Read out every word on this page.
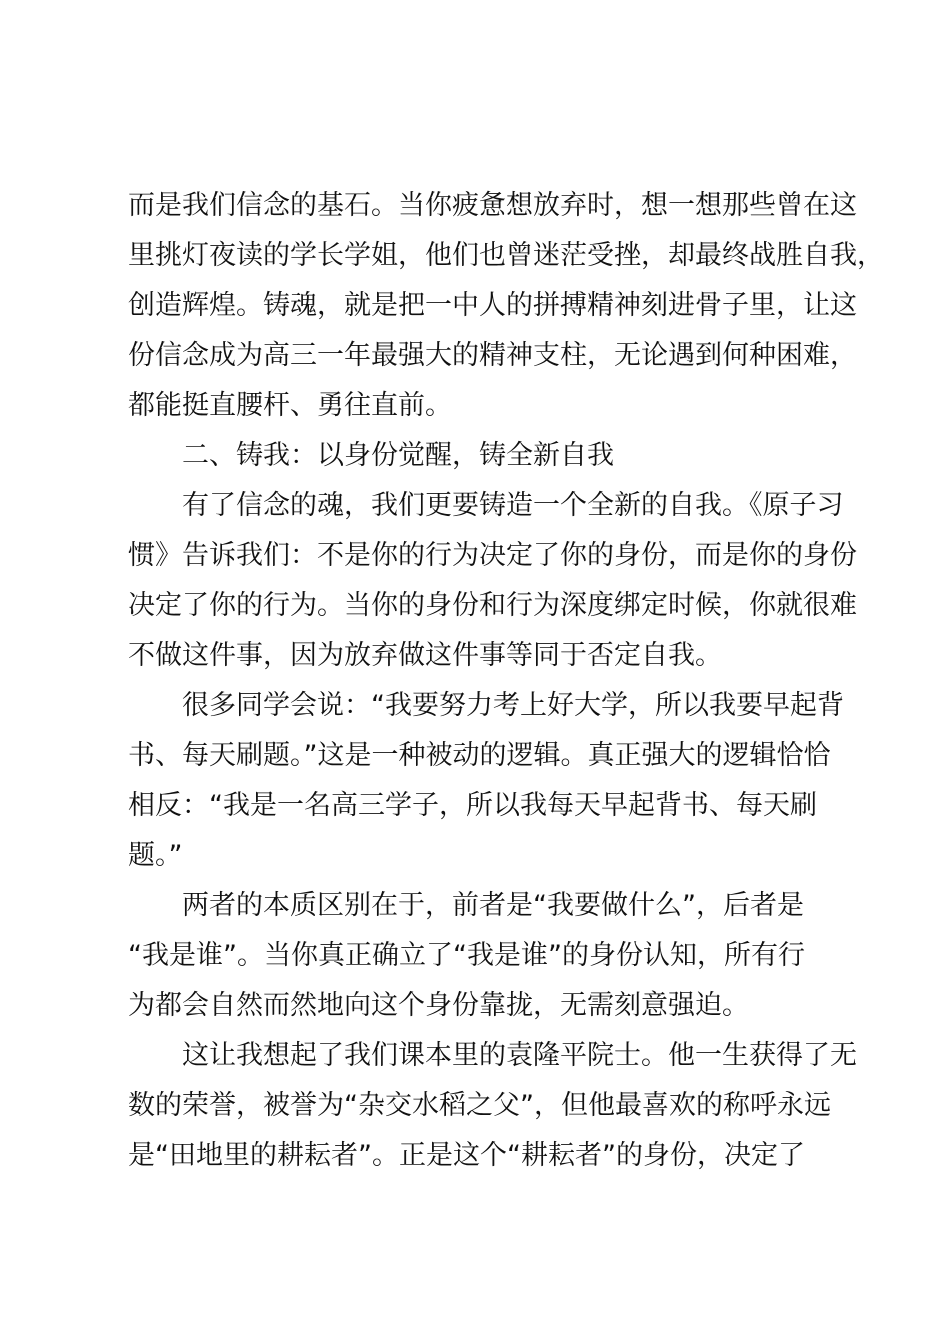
而是我们信念的基石。当你疲惫想放弃时，想一想那些曾在这
里挑灯夜读的学长学姐，他们也曾迷茫受挫，却最终战胜自我，
创造辉煌。铸魂，就是把一中人的拼搏精神刻进骨子里，让这
份信念成为高三一年最强大的精神支柱，无论遇到何种困难，
都能挺直腰杆、勇往直前。
二、铸我：以身份觉醒，铸全新自我
有了信念的魂，我们更要铸造一个全新的自我。《原子习
惯》告诉我们：不是你的行为决定了你的身份，而是你的身份
决定了你的行为。当你的身份和行为深度绑定时候，你就很难
不做这件事，因为放弃做这件事等同于否定自我。
很多同学会说：“我要努力考上好大学，所以我要早起背
书、每天刷题。”这是一种被动的逻辑。真正强大的逻辑恰恰
相反：“我是一名高三学子，所以我每天早起背书、每天刷
题。”
两者的本质区别在于，前者是“我要做什么”，后者是
“我是谁”。当你真正确立了“我是谁”的身份认知，所有行
为都会自然而然地向这个身份靠拢，无需刻意强迫。
这让我想起了我们课本里的袁隆平院士。他一生获得了无
数的荣誉，被誉为“杂交水稻之父”，但他最喜欢的称呼永远
是“田地里的耕耘者”。正是这个“耕耘者”的身份，决定了
